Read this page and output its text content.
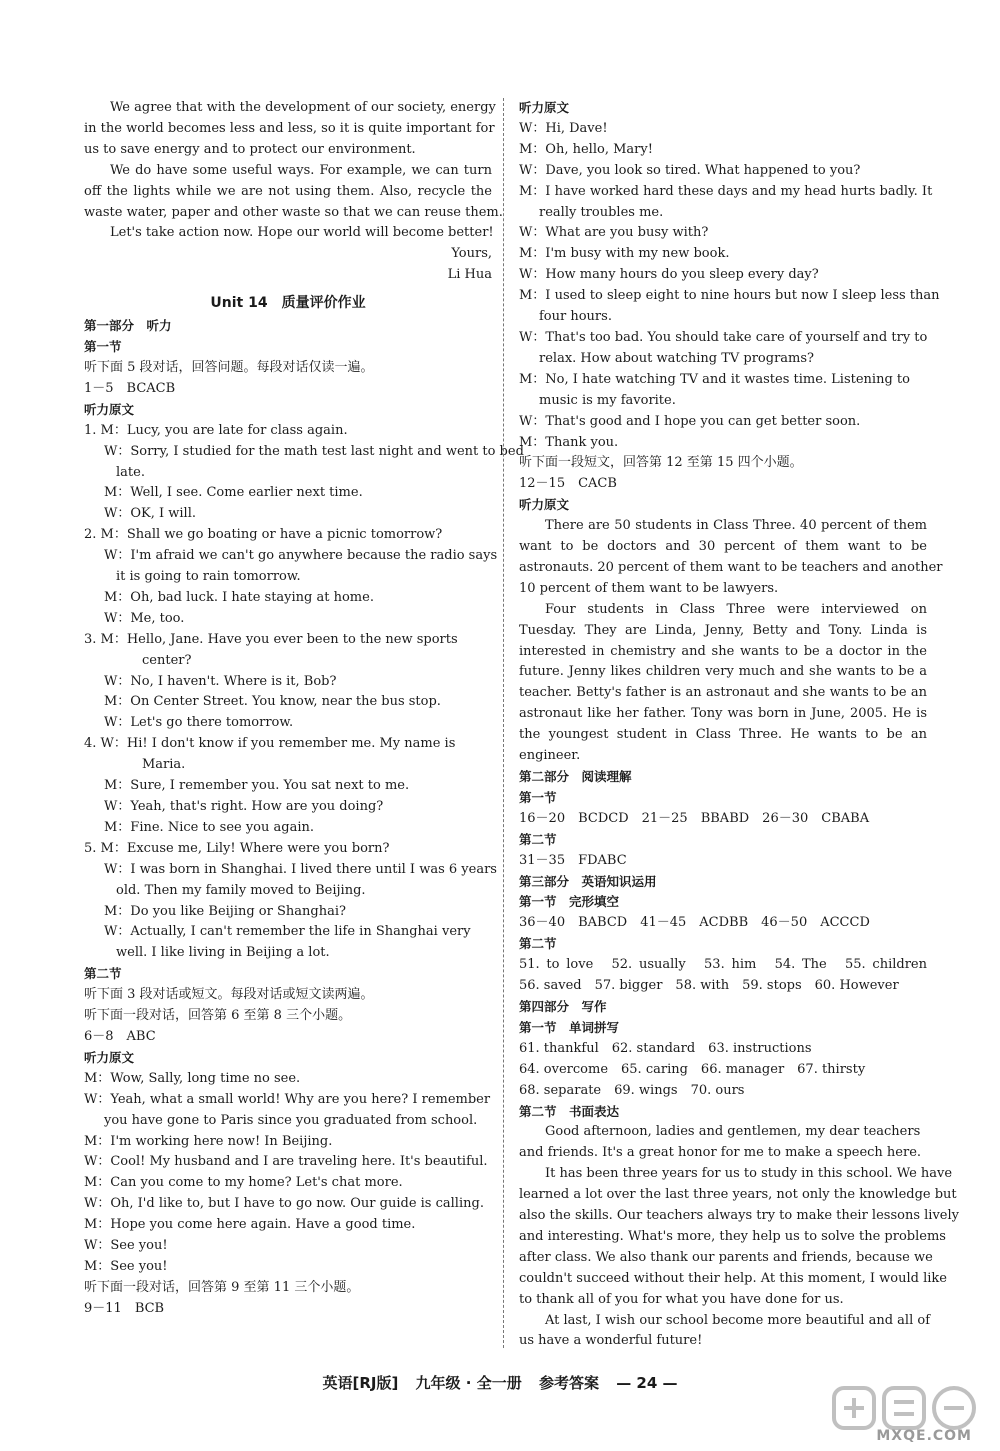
We agree that with the development of our society, energy
in the world becomes less and less, so it is quite important for
us to save energy and to protect our environment.
We do have some useful ways. For example, we can turn
off the lights while we are not using them. Also, recycle the
waste water, paper and other waste so that we can reuse them.
Let's take action now. Hope our world will become better!
Yours,
Li Hua
Unit 14　质量评价作业
第一部分　听力
第一节
听下面 5 段对话，回答问题。每段对话仅读一遍。
1－5　BCACB
听力原文
1. M：Lucy, you are late for class again.
W：Sorry, I studied for the math test last night and went to bed
late.
M：Well, I see. Come earlier next time.
W：OK, I will.
2. M：Shall we go boating or have a picnic tomorrow?
W：I'm afraid we can't go anywhere because the radio says
it is going to rain tomorrow.
M：Oh, bad luck. I hate staying at home.
W：Me, too.
3. M：Hello, Jane. Have you ever been to the new sports
center?
W：No, I haven't. Where is it, Bob?
M：On Center Street. You know, near the bus stop.
W：Let's go there tomorrow.
4. W：Hi! I don't know if you remember me. My name is
Maria.
M：Sure, I remember you. You sat next to me.
W：Yeah, that's right. How are you doing?
M：Fine. Nice to see you again.
5. M：Excuse me, Lily! Where were you born?
W：I was born in Shanghai. I lived there until I was 6 years
old. Then my family moved to Beijing.
M：Do you like Beijing or Shanghai?
W：Actually, I can't remember the life in Shanghai very
well. I like living in Beijing a lot.
第二节
听下面 3 段对话或短文。每段对话或短文读两遍。
听下面一段对话，回答第 6 至第 8 三个小题。
6－8　ABC
听力原文
M：Wow, Sally, long time no see.
W：Yeah, what a small world! Why are you here? I remember
you have gone to Paris since you graduated from school.
M：I'm working here now! In Beijing.
W：Cool! My husband and I are traveling here. It's beautiful.
M：Can you come to my home? Let's chat more.
W：Oh, I'd like to, but I have to go now. Our guide is calling.
M：Hope you come here again. Have a good time.
W：See you!
M：See you!
听下面一段对话，回答第 9 至第 11 三个小题。
9－11　BCB
听力原文
W：Hi, Dave!
M：Oh, hello, Mary!
W：Dave, you look so tired. What happened to you?
M：I have worked hard these days and my head hurts badly. It
really troubles me.
W：What are you busy with?
M：I'm busy with my new book.
W：How many hours do you sleep every day?
M：I used to sleep eight to nine hours but now I sleep less than
four hours.
W：That's too bad. You should take care of yourself and try to
relax. How about watching TV programs?
M：No, I hate watching TV and it wastes time. Listening to
music is my favorite.
W：That's good and I hope you can get better soon.
M：Thank you.
听下面一段短文，回答第 12 至第 15 四个小题。
12－15　CACB
听力原文
There are 50 students in Class Three. 40 percent of them
want to be doctors and 30 percent of them want to be
astronauts. 20 percent of them want to be teachers and another
10 percent of them want to be lawyers.
Four students in Class Three were interviewed on
Tuesday. They are Linda, Jenny, Betty and Tony. Linda is
interested in chemistry and she wants to be a doctor in the
future. Jenny likes children very much and she wants to be a
teacher. Betty's father is an astronaut and she wants to be an
astronaut like her father. Tony was born in June, 2005. He is
the youngest student in Class Three. He wants to be an
engineer.
第二部分　阅读理解
第一节
16－20　BCDCD　21－25　BBABD　26－30　CBABA
第二节
31－35　FDABC
第三部分　英语知识运用
第一节　完形填空
36－40　BABCD　41－45　ACDBB　46－50　ACCCD
第二节
51. to love　52. usually　53. him　54. The　55. children
56. saved　57. bigger　58. with　59. stops　60. However
第四部分　写作
第一节　单词拼写
61. thankful　62. standard　63. instructions
64. overcome　65. caring　66. manager　67. thirsty
68. separate　69. wings　70. ours
第二节　书面表达
Good afternoon, ladies and gentlemen, my dear teachers
and friends. It's a great honor for me to make a speech here.
It has been three years for us to study in this school. We have
learned a lot over the last three years, not only the knowledge but
also the skills. Our teachers always try to make their lessons lively
and interesting. What's more, they help us to solve the problems
after class. We also thank our parents and friends, because we
couldn't succeed without their help. At this moment, I would like
to thank all of you for what you have done for us.
At last, I wish our school become more beautiful and all of
us have a wonderful future!
英语[RJ版] 九年级 · 全一册 参考答案 — 24 —
MXQE.COM
